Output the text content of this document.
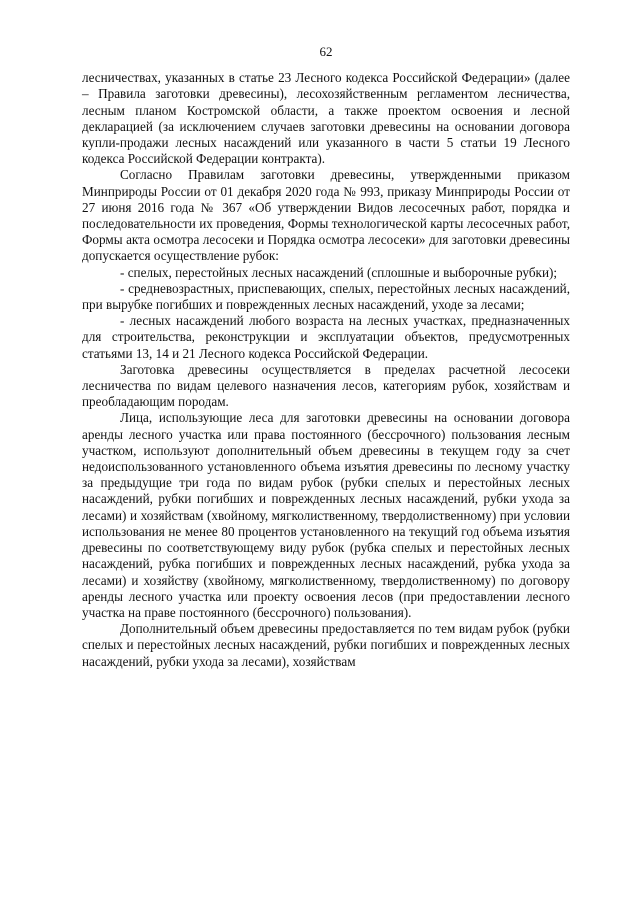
62

лесничествах, указанных в статье 23 Лесного кодекса Российской Федерации» (далее – Правила заготовки древесины), лесохозяйственным регламентом лесничества, лесным планом Костромской области, а также проектом освоения и лесной декларацией (за исключением случаев заготовки древесины на основании договора купли-продажи лесных насаждений или указанного в части 5 статьи 19 Лесного кодекса Российской Федерации контракта).

Согласно Правилам заготовки древесины, утвержденными приказом Минприроды России от 01 декабря 2020 года № 993, приказу Минприроды России от 27 июня 2016 года № 367 «Об утверждении Видов лесосечных работ, порядка и последовательности их проведения, Формы технологической карты лесосечных работ, Формы акта осмотра лесосеки и Порядка осмотра лесосеки» для заготовки древесины допускается осуществление рубок:

- спелых, перестойных лесных насаждений (сплошные и выборочные рубки);

- средневозрастных, приспевающих, спелых, перестойных лесных насаждений, при вырубке погибших и поврежденных лесных насаждений, уходе за лесами;

- лесных насаждений любого возраста на лесных участках, предназначенных для строительства, реконструкции и эксплуатации объектов, предусмотренных статьями 13, 14 и 21 Лесного кодекса Российской Федерации.

Заготовка древесины осуществляется в пределах расчетной лесосеки лесничества по видам целевого назначения лесов, категориям рубок, хозяйствам и преобладающим породам.

Лица, использующие леса для заготовки древесины на основании договора аренды лесного участка или права постоянного (бессрочного) пользования лесным участком, используют дополнительный объем древесины в текущем году за счет недоиспользованного установленного объема изъятия древесины по лесному участку за предыдущие три года по видам рубок (рубки спелых и перестойных лесных насаждений, рубки погибших и поврежденных лесных насаждений, рубки ухода за лесами) и хозяйствам (хвойному, мягколиственному, твердолиственному) при условии использования не менее 80 процентов установленного на текущий год объема изъятия древесины по соответствующему виду рубок (рубка спелых и перестойных лесных насаждений, рубка погибших и поврежденных лесных насаждений, рубка ухода за лесами) и хозяйству (хвойному, мягколиственному, твердолиственному) по договору аренды лесного участка или проекту освоения лесов (при предоставлении лесного участка на праве постоянного (бессрочного) пользования).

Дополнительный объем древесины предоставляется по тем видам рубок (рубки спелых и перестойных лесных насаждений, рубки погибших и поврежденных лесных насаждений, рубки ухода за лесами), хозяйствам
